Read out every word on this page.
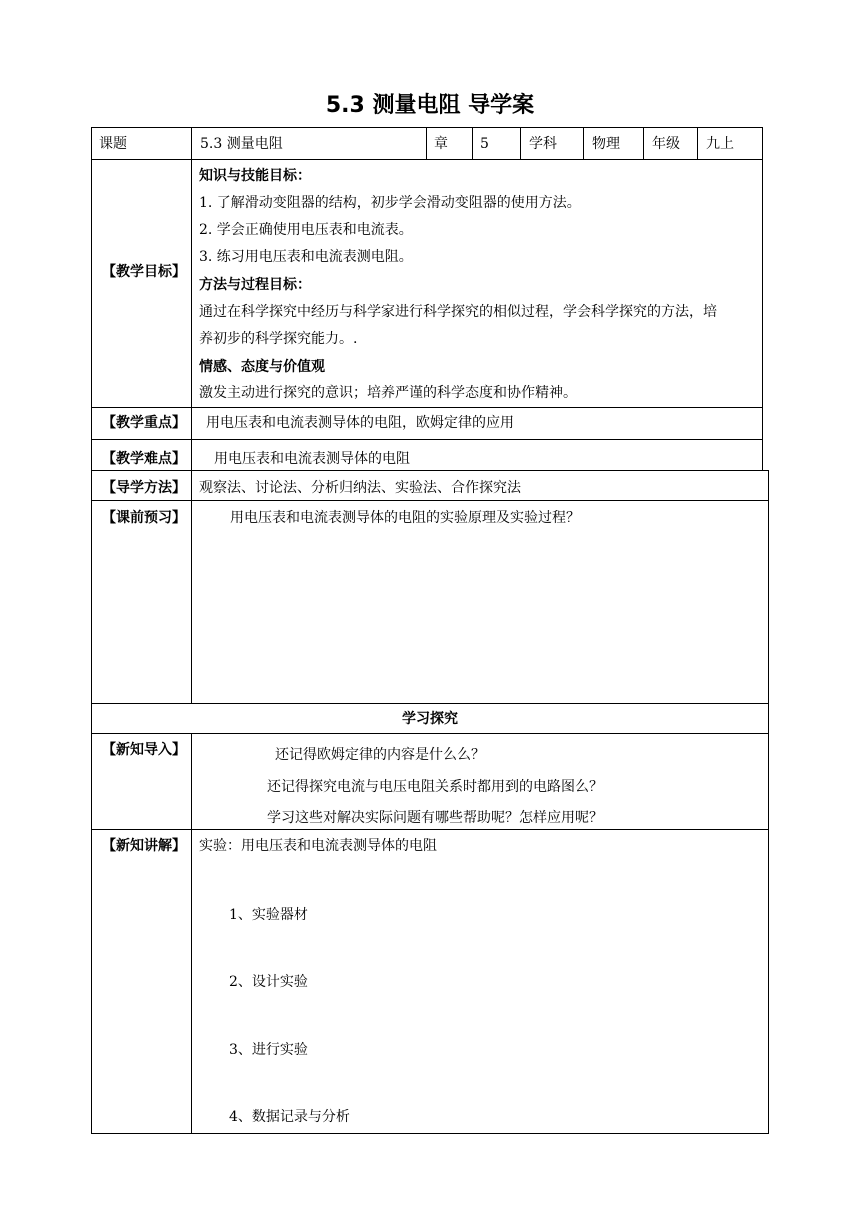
5.3 测量电阻 导学案
课题	5.3 测量电阻	章 5	学科	物理 年级 九上
【教学目标】
知识与技能目标：
1. 了解滑动变阻器的结构，初步学会滑动变阻器的使用方法。
2. 学会正确使用电压表和电流表。
3. 练习用电压表和电流表测电阻。
方法与过程目标：
通过在科学探究中经历与科学家进行科学探究的相似过程，学会科学探究的方法，培
养初步的科学探究能力。.
情感、态度与价值观
激发主动进行探究的意识；培养严谨的科学态度和协作精神。
【教学重点】 用电压表和电流表测导体的电阻，欧姆定律的应用
【教学难点】 用电压表和电流表测导体的电阻
【导学方法】 观察法、讨论法、分析归纳法、实验法、合作探究法
【课前预习】	用电压表和电流表测导体的电阻的实验原理及实验过程？
学习探究
【新知导入】	还记得欧姆定律的内容是什么么？
还记得探究电流与电压电阻关系时都用到的电路图么？
学习这些对解决实际问题有哪些帮助呢？怎样应用呢？
【新知讲解】 实验：用电压表和电流表测导体的电阻
1、实验器材
2、设计实验
3、进行实验
4、数据记录与分析
